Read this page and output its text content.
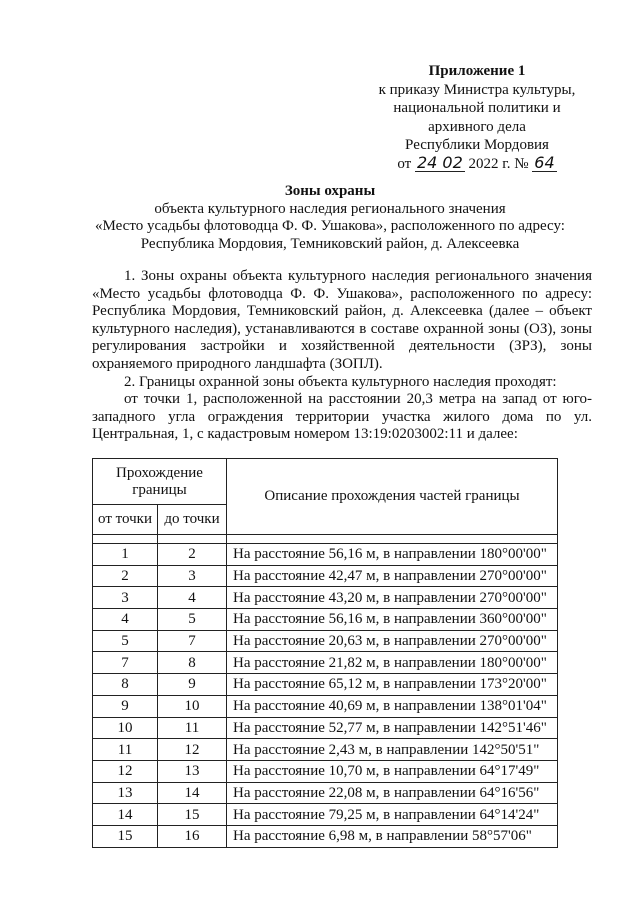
Приложение 1
к приказу Министра культуры,
национальной политики и
архивного дела
Республики Мордовия
от 24 02 2022 г. № 64
Зоны охраны
объекта культурного наследия регионального значения
«Место усадьбы флотоводца Ф. Ф. Ушакова», расположенного по адресу:
Республика Мордовия, Темниковский район, д. Алексеевка

1. Зоны охраны объекта культурного наследия регионального значения «Место усадьбы флотоводца Ф. Ф. Ушакова», расположенного по адресу: Республика Мордовия, Темниковский район, д. Алексеевка (далее – объект культурного наследия), устанавливаются в составе охранной зоны (ОЗ), зоны регулирования застройки и хозяйственной деятельности (ЗРЗ), зоны охраняемого природного ландшафта (ЗОПЛ).

2. Границы охранной зоны объекта культурного наследия проходят:

от точки 1, расположенной на расстоянии 20,3 метра на запад от юго-западного угла ограждения территории участка жилого дома по ул. Центральная, 1, с кадастровым номером 13:19:0203002:11 и далее:

Прохождение границы		Описание прохождения частей границы
от точки	до точки	

1	2	На расстояние 56,16 м, в направлении 180°00'00"
2	3	На расстояние 42,47 м, в направлении 270°00'00"
3	4	На расстояние 43,20 м, в направлении 270°00'00"
4	5	На расстояние 56,16 м, в направлении 360°00'00"
5	7	На расстояние 20,63 м, в направлении 270°00'00"
7	8	На расстояние 21,82 м, в направлении 180°00'00"
8	9	На расстояние 65,12 м, в направлении 173°20'00"
9	10	На расстояние 40,69 м, в направлении 138°01'04"
10	11	На расстояние 52,77 м, в направлении 142°51'46"
11	12	На расстояние 2,43 м, в направлении 142°50'51"
12	13	На расстояние 10,70 м, в направлении 64°17'49"
13	14	На расстояние 22,08 м, в направлении 64°16'56"
14	15	На расстояние 79,25 м, в направлении 64°14'24"
15	16	На расстояние 6,98 м, в направлении 58°57'06"
